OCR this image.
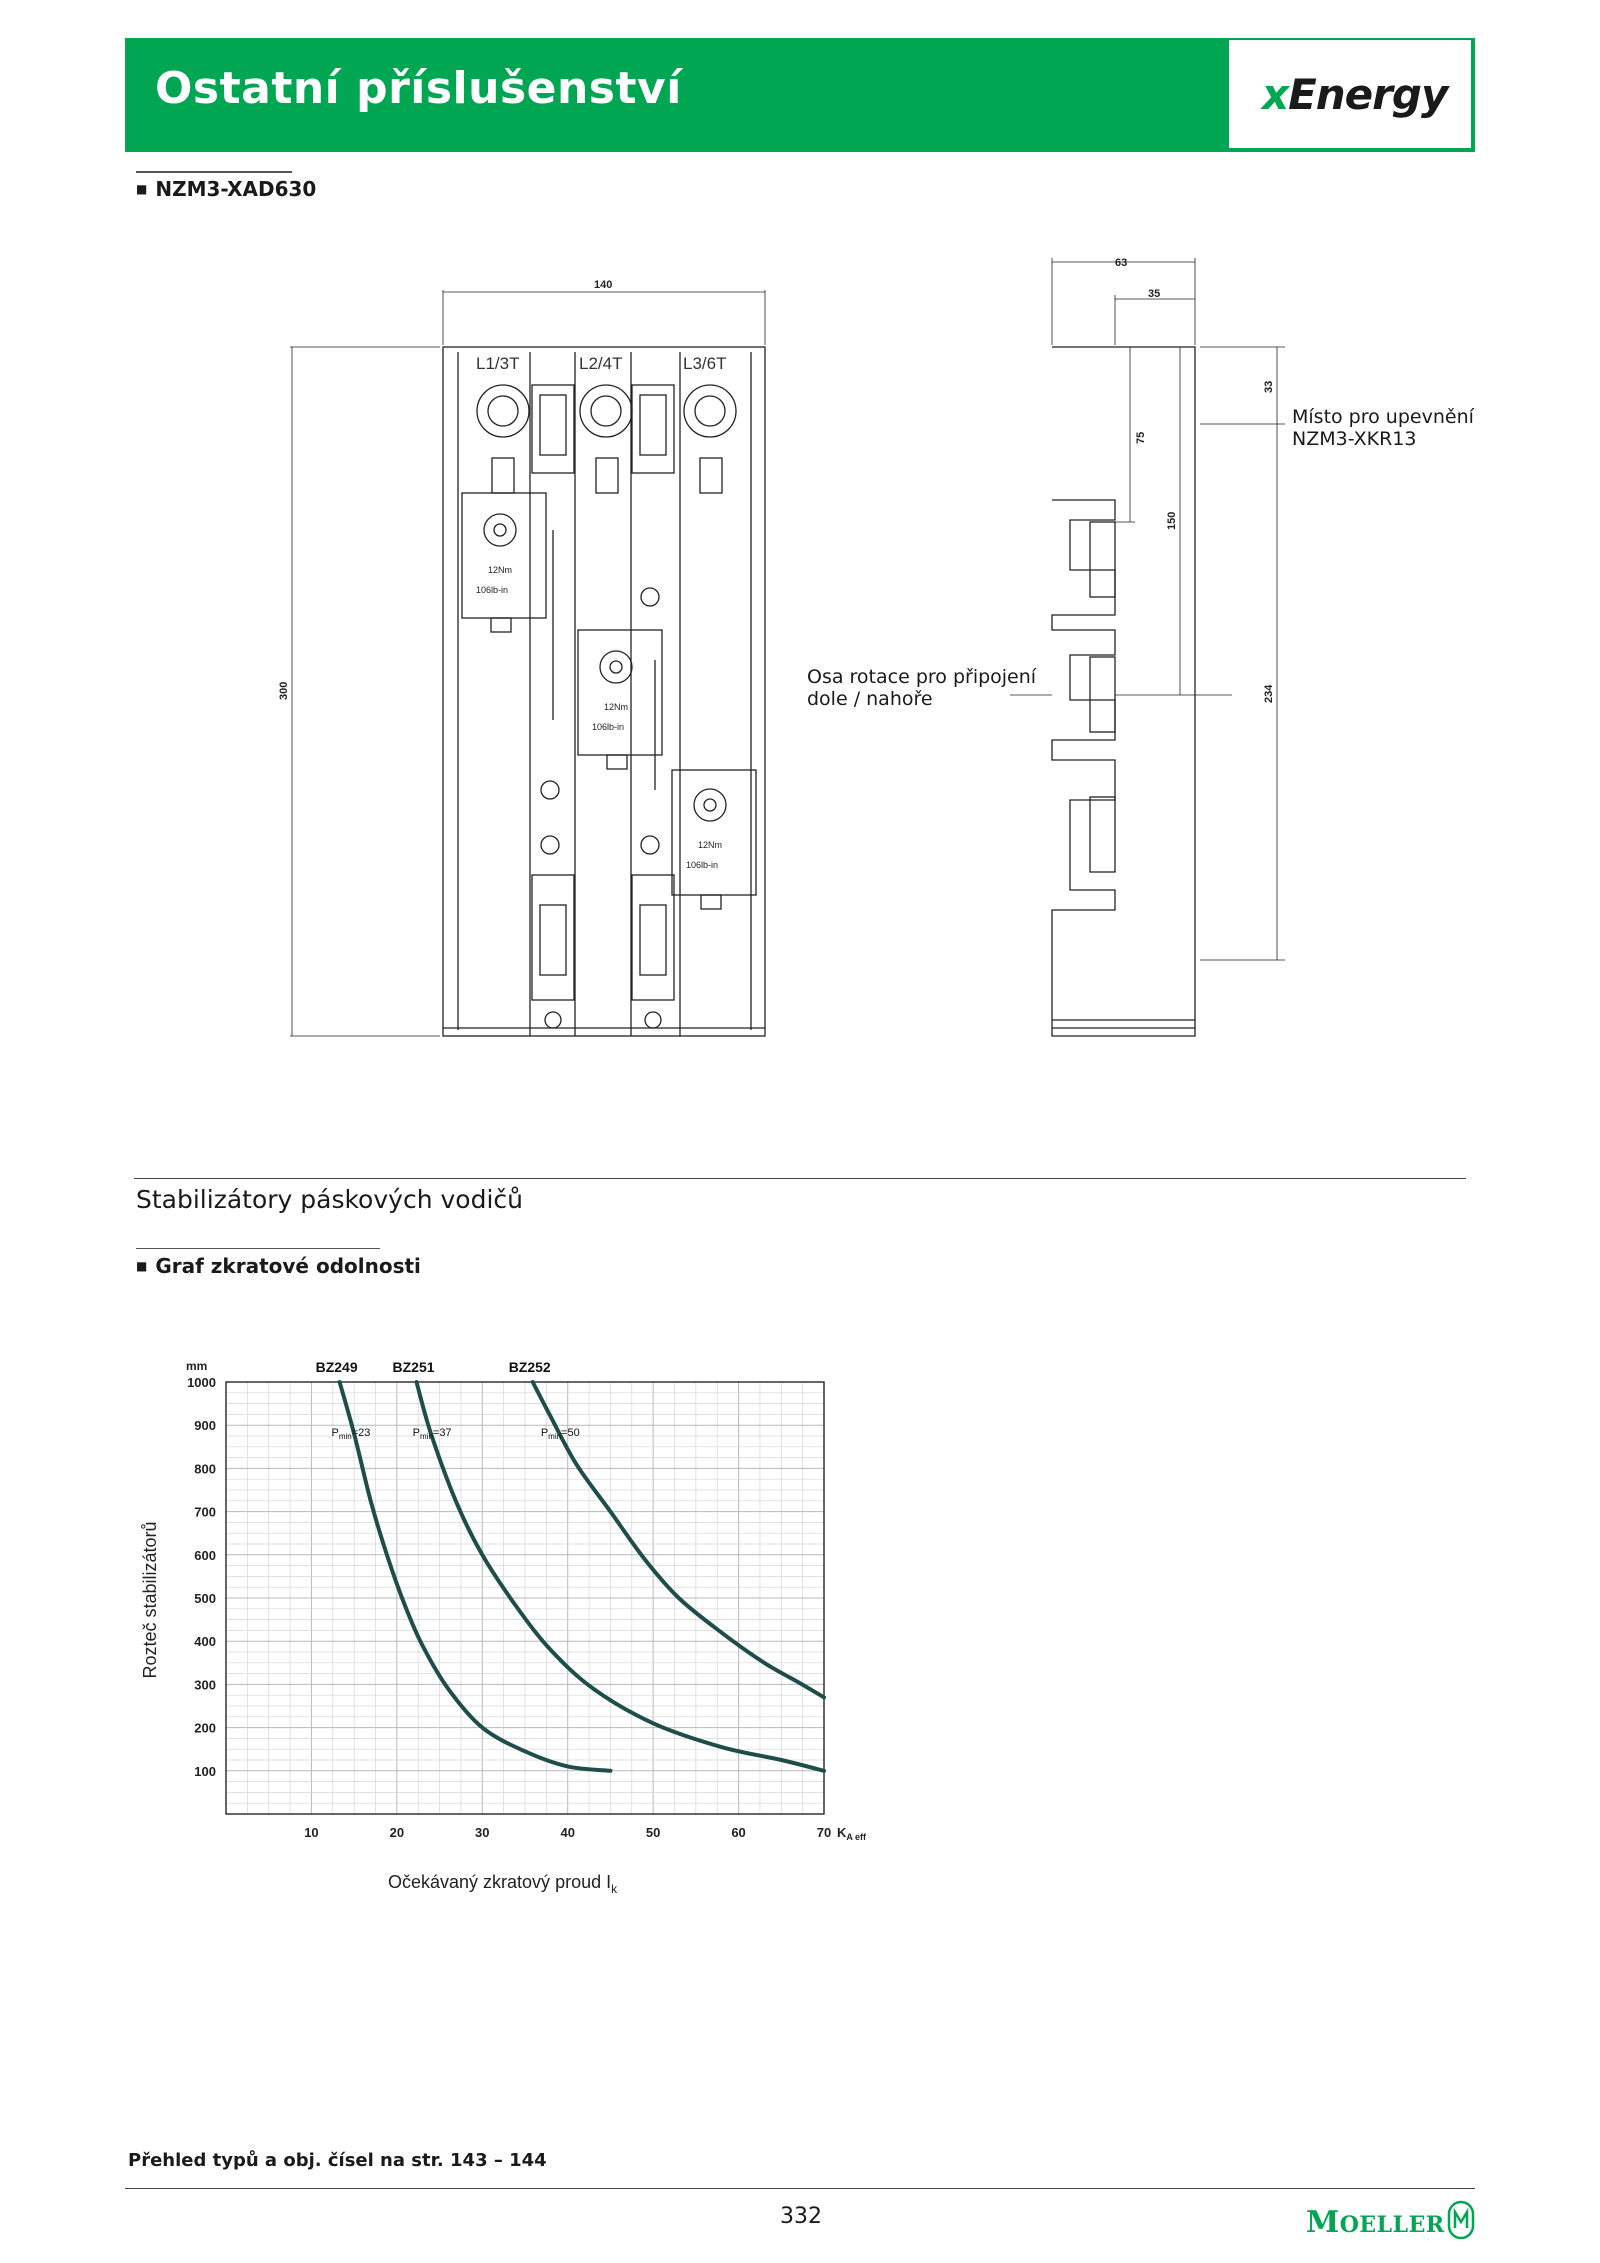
Ostatní příslušenství	xEnergy
■ NZM3-XAD630
140
300
63
35
33
75
150
234
L1/3T	L2/4T	L3/6T
12Nm
106lb-in
12Nm
106lb-in
12Nm
106lb-in
Místo pro upevnění
NZM3-XKR13
Osa rotace pro připojení
dole / nahoře
Stabilizátory páskových vodičů
■ Graf zkratové odolnosti
100
200
300
400
500
600
700
800
900
1000
10	20	30	40	50	60	70
BZ249 BZ251	BZ252
$P_{min}=23$	$P_{min}=37$	$P_{min}=50$
mm
$K_{A eff}$
Rozteč stabilizátorů
Očekávaný zkratový proud $I_k$
Přehled typů a obj. čísel na str. 143 – 144
332	MOELLER
